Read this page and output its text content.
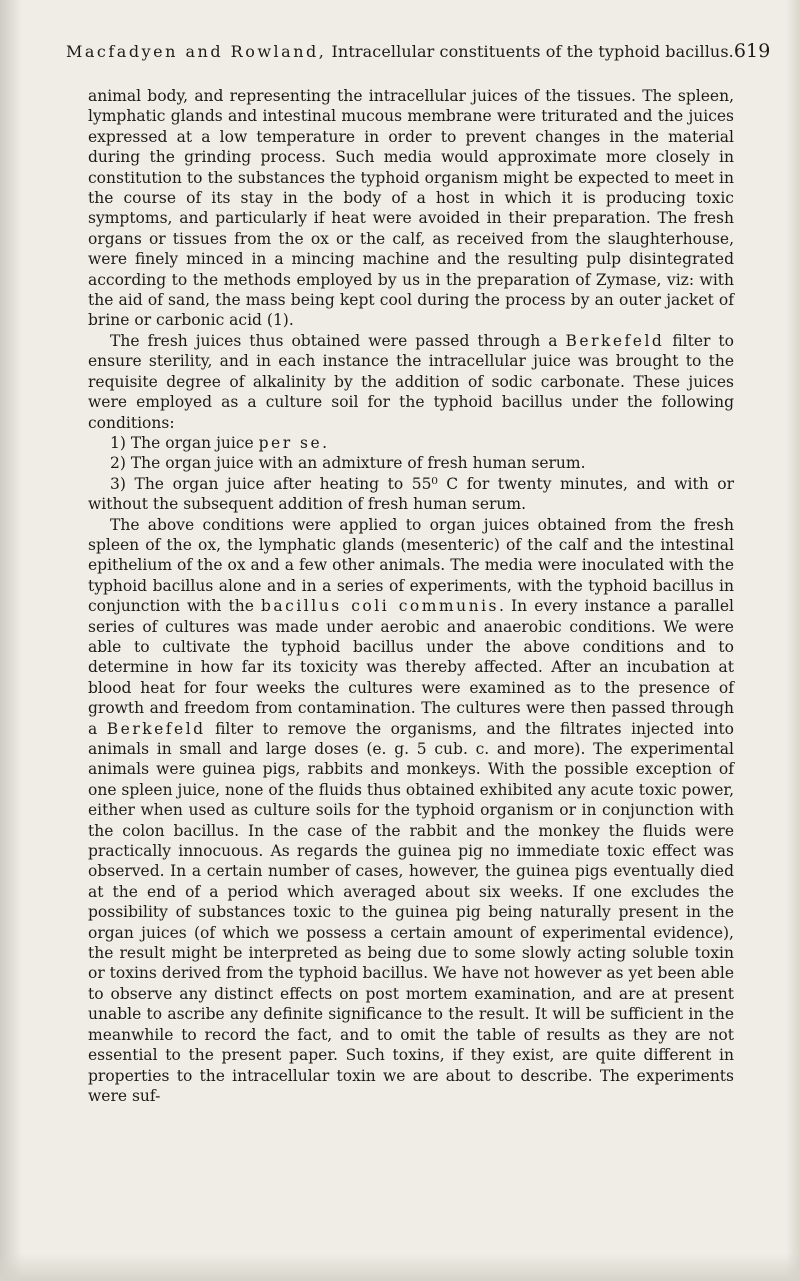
Macfadyen and Rowland, Intracellular constituents of the typhoid bacillus. 619

animal body, and representing the intracellular juices of the tissues. The spleen, lymphatic glands and intestinal mucous membrane were triturated and the juices expressed at a low temperature in order to prevent changes in the material during the grinding process. Such media would approximate more closely in constitution to the substances the typhoid organism might be expected to meet in the course of its stay in the body of a host in which it is producing toxic symptoms, and particularly if heat were avoided in their preparation. The fresh organs or tissues from the ox or the calf, as received from the slaughterhouse, were finely minced in a mincing machine and the resulting pulp disintegrated according to the methods employed by us in the preparation of Zymase, viz: with the aid of sand, the mass being kept cool during the process by an outer jacket of brine or carbonic acid (1).

The fresh juices thus obtained were passed through a Berkefeld filter to ensure sterility, and in each instance the intracellular juice was brought to the requisite degree of alkalinity by the addition of sodic carbonate. These juices were employed as a culture soil for the typhoid bacillus under the following conditions:

1) The organ juice per se.

2) The organ juice with an admixture of fresh human serum.

3) The organ juice after heating to 55⁰ C for twenty minutes, and with or without the subsequent addition of fresh human serum.

The above conditions were applied to organ juices obtained from the fresh spleen of the ox, the lymphatic glands (mesenteric) of the calf and the intestinal epithelium of the ox and a few other animals. The media were inoculated with the typhoid bacillus alone and in a series of experiments, with the typhoid bacillus in conjunction with the bacillus coli communis. In every instance a parallel series of cultures was made under aerobic and anaerobic conditions. We were able to cultivate the typhoid bacillus under the above conditions and to determine in how far its toxicity was thereby affected. After an incubation at blood heat for four weeks the cultures were examined as to the presence of growth and freedom from contamination. The cultures were then passed through a Berkefeld filter to remove the organisms, and the filtrates injected into animals in small and large doses (e. g. 5 cub. c. and more). The experimental animals were guinea pigs, rabbits and monkeys. With the possible exception of one spleen juice, none of the fluids thus obtained exhibited any acute toxic power, either when used as culture soils for the typhoid organism or in conjunction with the colon bacillus. In the case of the rabbit and the monkey the fluids were practically innocuous. As regards the guinea pig no immediate toxic effect was observed. In a certain number of cases, however, the guinea pigs eventually died at the end of a period which averaged about six weeks. If one excludes the possibility of substances toxic to the guinea pig being naturally present in the organ juices (of which we possess a certain amount of experimental evidence), the result might be interpreted as being due to some slowly acting soluble toxin or toxins derived from the typhoid bacillus. We have not however as yet been able to observe any distinct effects on post mortem examination, and are at present unable to ascribe any definite significance to the result. It will be sufficient in the meanwhile to record the fact, and to omit the table of results as they are not essential to the present paper. Such toxins, if they exist, are quite different in properties to the intracellular toxin we are about to describe. The experiments were suf-
